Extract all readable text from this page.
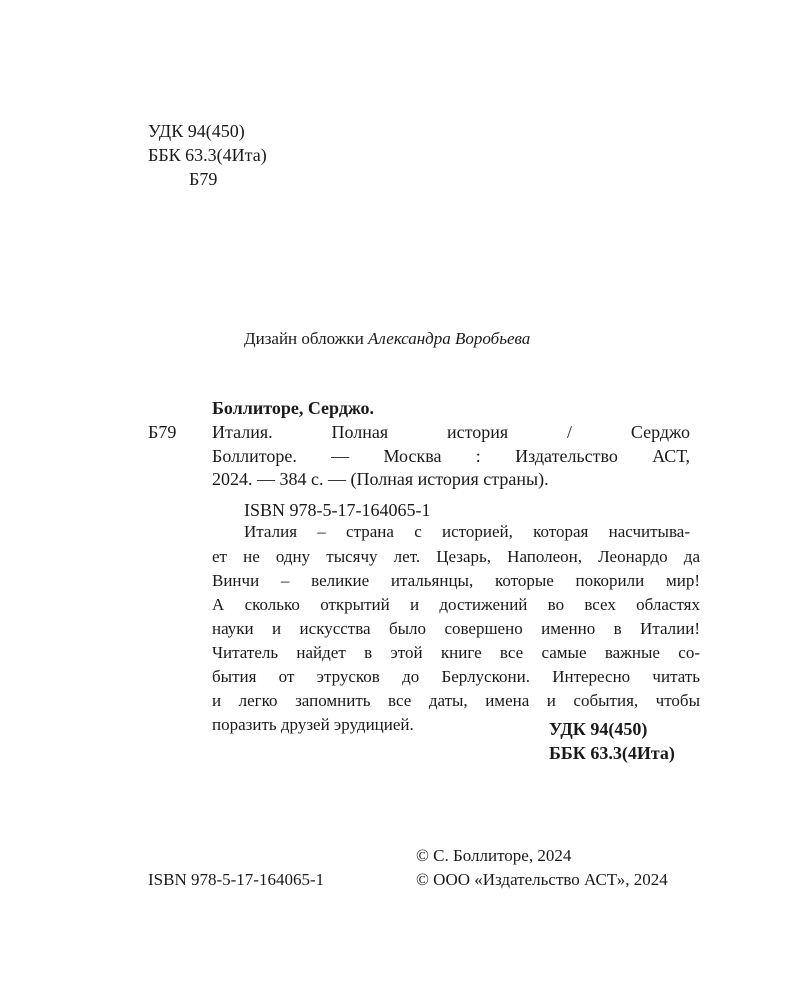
УДК 94(450)
ББК 63.3(4Ита)
Б79
Дизайн обложки Александра Воробьева
Боллиторе, Серджо.
Б79 Италия. Полная история / Серджо
Боллиторе. — Москва : Издательство АСТ,
2024. — 384 с. — (Полная история страны).
ISBN 978-5-17-164065-1
Италия – страна с историей, которая насчитыва-
ет не одну тысячу лет. Цезарь, Наполеон, Леонардо да
Винчи – великие итальянцы, которые покорили мир!
А сколько открытий и достижений во всех областях
науки и искусства было совершено именно в Италии!
Читатель найдет в этой книге все самые важные со-
бытия от этрусков до Берлускони. Интересно читать
и легко запомнить все даты, имена и события, чтобы
поразить друзей эрудицией.	УДК 94(450)
ББК 63.3(4Ита)
© С. Боллиторе, 2024
ISBN 978-5-17-164065-1	© ООО «Издательство АСТ», 2024
